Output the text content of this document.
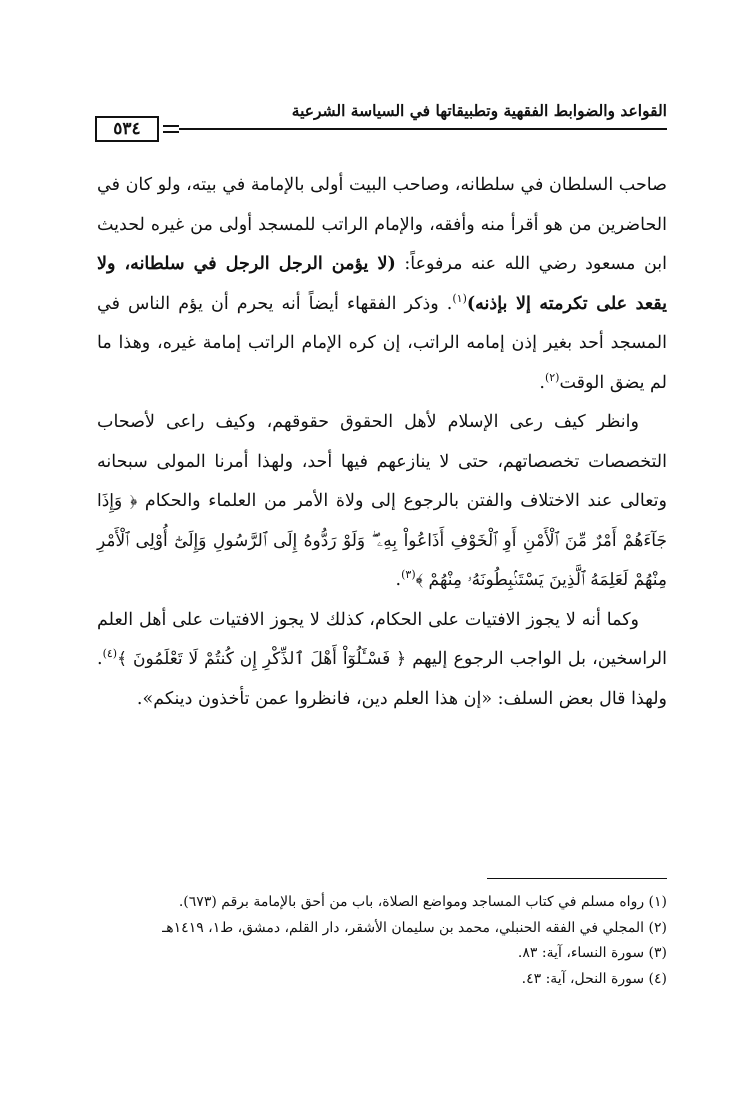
القواعد والضوابط الفقهية وتطبيقاتها في السياسة الشرعية
٥٣٤

صاحب السلطان في سلطانه، وصاحب البيت أولى بالإمامة في بيته، ولو كان في الحاضرين من هو أقرأ منه وأفقه، والإمام الراتب للمسجد أولى من غيره لحديث ابن مسعود رضي الله عنه مرفوعاً: (لا يؤمن الرجل الرجل في سلطانه، ولا يقعد على تكرمته إلا بإذنه)$^{(١)}$. وذكر الفقهاء أيضاً أنه يحرم أن يؤم الناس في المسجد أحد بغير إذن إمامه الراتب، إن كره الإمام الراتب إمامة غيره، وهذا ما لم يضق الوقت$^{(٢)}$.

وانظر كيف رعى الإسلام لأهل الحقوق حقوقهم، وكيف راعى لأصحاب التخصصات تخصصاتهم، حتى لا ينازعهم فيها أحد، ولهذا أمرنا المولى سبحانه وتعالى عند الاختلاف والفتن بالرجوع إلى ولاة الأمر من العلماء والحكام ﴿ وَإِذَا جَآءَهُمْ أَمْرٌ مِّنَ ٱلْأَمْنِ أَوِ ٱلْخَوْفِ أَذَاعُواْ بِهِۦ ۖ وَلَوْ رَدُّوهُ إِلَى ٱلرَّسُولِ وَإِلَىٰٓ أُوْلِى ٱلْأَمْرِ مِنْهُمْ لَعَلِمَهُ ٱلَّذِينَ يَسْتَنۢبِطُونَهُۥ مِنْهُمْ ﴾$^{(٣)}$.

وكما أنه لا يجوز الافتيات على الحكام، كذلك لا يجوز الافتيات على أهل العلم الراسخين، بل الواجب الرجوع إليهم ﴿ فَسْـَٔلُوٓاْ أَهْلَ ٱلذِّكْرِ إِن كُنتُمْ لَا تَعْلَمُونَ ﴾$^{(٤)}$. ولهذا قال بعض السلف: «إن هذا العلم دين، فانظروا عمن تأخذون دينكم».

(١) رواه مسلم في كتاب المساجد ومواضع الصلاة، باب من أحق بالإمامة برقم (٦٧٣).
(٢) المجلي في الفقه الحنبلي، محمد بن سليمان الأشقر، دار القلم، دمشق، ط١، ١٤١٩هـ
(٣) سورة النساء، آية: ٨٣.
(٤) سورة النحل، آية: ٤٣.
